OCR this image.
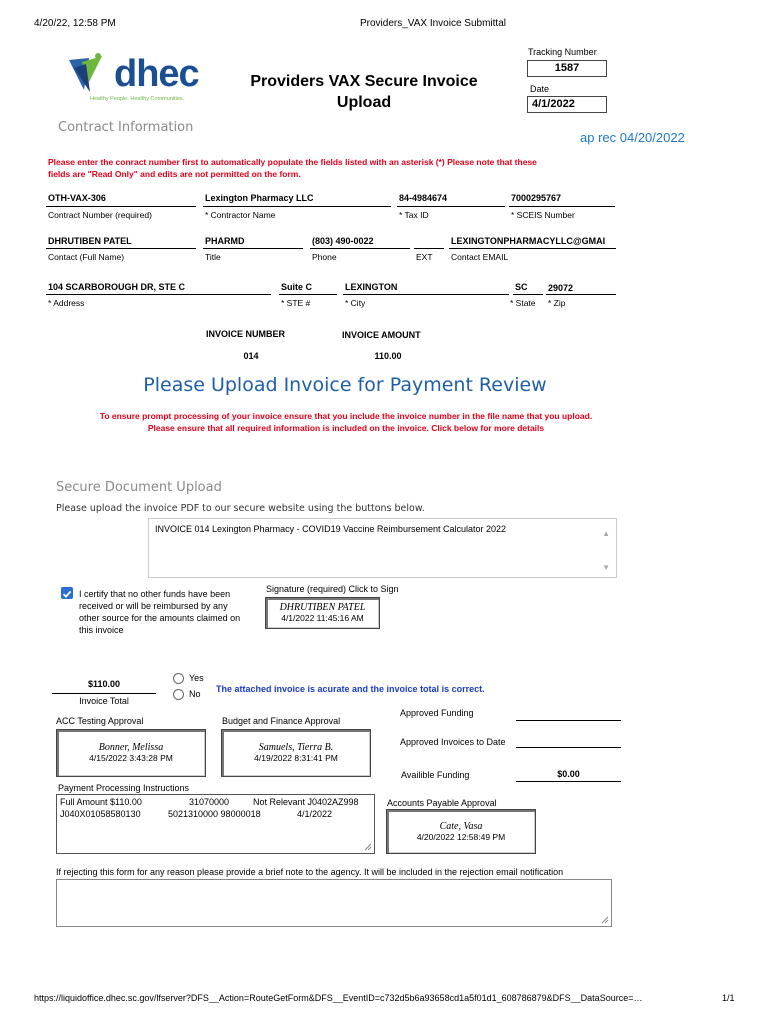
4/20/22, 12:58 PM	Providers_VAX Invoice Submittal
dhec
Healthy People. Healthy Communities.
Providers VAX Secure Invoice
Upload
Tracking Number
1587
Date
4/1/2022
Contract Information
ap rec 04/20/2022
Please enter the conract number first to automatically populate the fields listed with an asterisk (*) Please note that these
fields are "Read Only" and edits are not permitted on the form.
OTH-VAX-306
Contract Number (required)
Lexington Pharmacy LLC
* Contractor Name
84-4984674
* Tax ID
7000295767
* SCEIS Number
DHRUTIBEN PATEL
Contact (Full Name)
PHARMD
Title
(803) 490-0022
Phone	EXT
LEXINGTONPHARMACYLLC@GMAI
Contact EMAIL
104 SCARBOROUGH DR, STE C
* Address
Suite C
* STE #
LEXINGTON
* City
SC
* State
29072
* Zip
INVOICE NUMBER	INVOICE AMOUNT
014	110.00
Please Upload Invoice for Payment Review
To ensure prompt processing of your invoice ensure that you include the invoice number in the file name that you upload.
Please ensure that all required information is included on the invoice. Click below for more details
Secure Document Upload
Please upload the invoice PDF to our secure website using the buttons below.
INVOICE 014 Lexington Pharmacy - COVID19 Vaccine Reimbursement Calculator 2022	▲
▼
I certify that no other funds have been
received or will be reimbursed by any
other source for the amounts claimed on
this invoice
Signature (required) Click to Sign
DHRUTIBEN PATEL
4/1/2022 11:45:16 AM
$110.00
Invoice Total
Yes
No The attached invoice is acurate and the invoice total is correct.
ACC Testing Approval
Bonner, Melissa
4/15/2022 3:43:28 PM
Budget and Finance Approval
Samuels, Tierra B.
4/19/2022 8:31:41 PM
Approved Funding
Approved Invoices to Date
Availible Funding	$0.00
Payment Processing Instructions
Full Amount $110.00	31070000	Not Relevant J0402AZ998
J040X01058580130	5021310000 98000018	4/1/2022
Accounts Payable Approval
Cate, Vasa
4/20/2022 12:58:49 PM
If rejecting this form for any reason please provide a brief note to the agency. It will be included in the rejection email notification
https://liquidoffice.dhec.sc.gov/lfserver?DFS__Action=RouteGetForm&DFS__EventID=c732d5b6a93658cd1a5f01d1_608786879&DFS__DataSource=…	1/1
